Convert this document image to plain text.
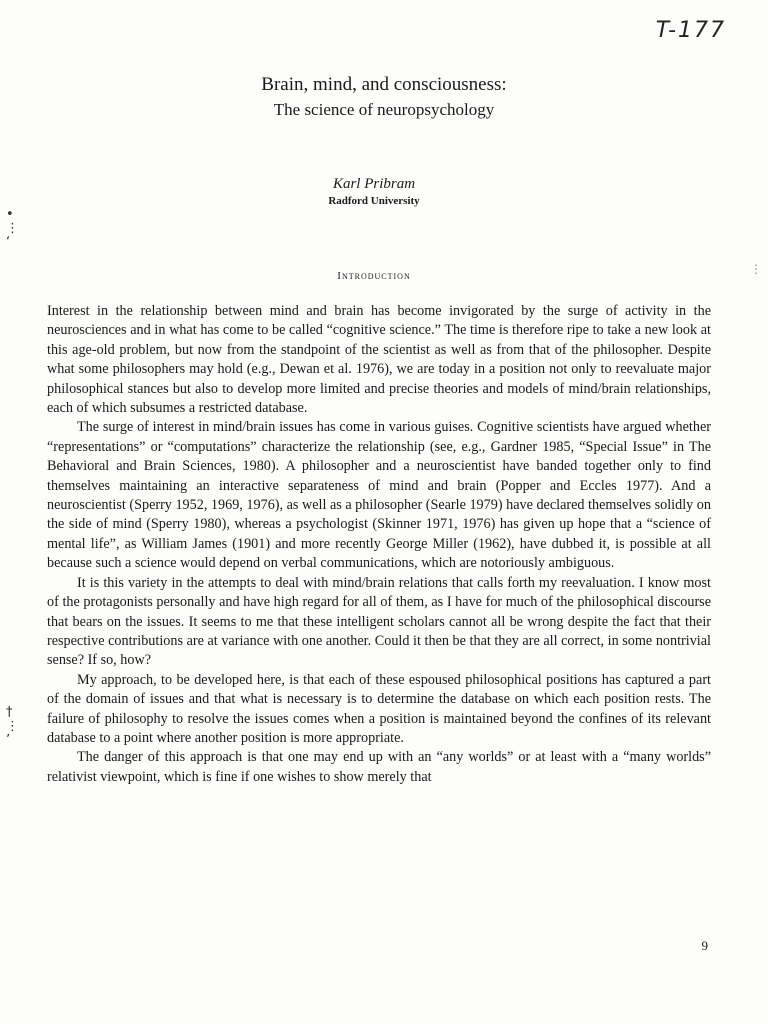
T-177
Brain, mind, and consciousness:
The science of neuropsychology
Karl Pribram
Radford University
Introduction

Interest in the relationship between mind and brain has become invigorated by the surge of activity in the neurosciences and in what has come to be called “cognitive science.” The time is therefore ripe to take a new look at this age-old problem, but now from the standpoint of the scientist as well as from that of the philosopher. Despite what some philosophers may hold (e.g., Dewan et al. 1976), we are today in a position not only to reevaluate major philosophical stances but also to develop more limited and precise theories and models of mind/brain relationships, each of which subsumes a restricted database.

The surge of interest in mind/brain issues has come in various guises. Cognitive scientists have argued whether “representations” or “computations” characterize the relationship (see, e.g., Gardner 1985, “Special Issue” in The Behavioral and Brain Sciences, 1980). A philosopher and a neuroscientist have banded together only to find themselves maintaining an interactive separateness of mind and brain (Popper and Eccles 1977). And a neuroscientist (Sperry 1952, 1969, 1976), as well as a philosopher (Searle 1979) have declared themselves solidly on the side of mind (Sperry 1980), whereas a psychologist (Skinner 1971, 1976) has given up hope that a “science of mental life”, as William James (1901) and more recently George Miller (1962), have dubbed it, is possible at all because such a science would depend on verbal communications, which are notoriously ambiguous.

It is this variety in the attempts to deal with mind/brain relations that calls forth my reevaluation. I know most of the protagonists personally and have high regard for all of them, as I have for much of the philosophical discourse that bears on the issues. It seems to me that these intelligent scholars cannot all be wrong despite the fact that their respective contributions are at variance with one another. Could it then be that they are all correct, in some nontrivial sense? If so, how?

My approach, to be developed here, is that each of these espoused philosophical positions has captured a part of the domain of issues and that what is necessary is to determine the database on which each position rests. The failure of philosophy to resolve the issues comes when a position is maintained beyond the confines of its relevant database to a point where another position is more appropriate.

The danger of this approach is that one may end up with an “any worlds” or at least with a “many worlds” relativist viewpoint, which is fine if one wishes to show merely that

9
•
⋮
‘
†
⋮
’
⋮
